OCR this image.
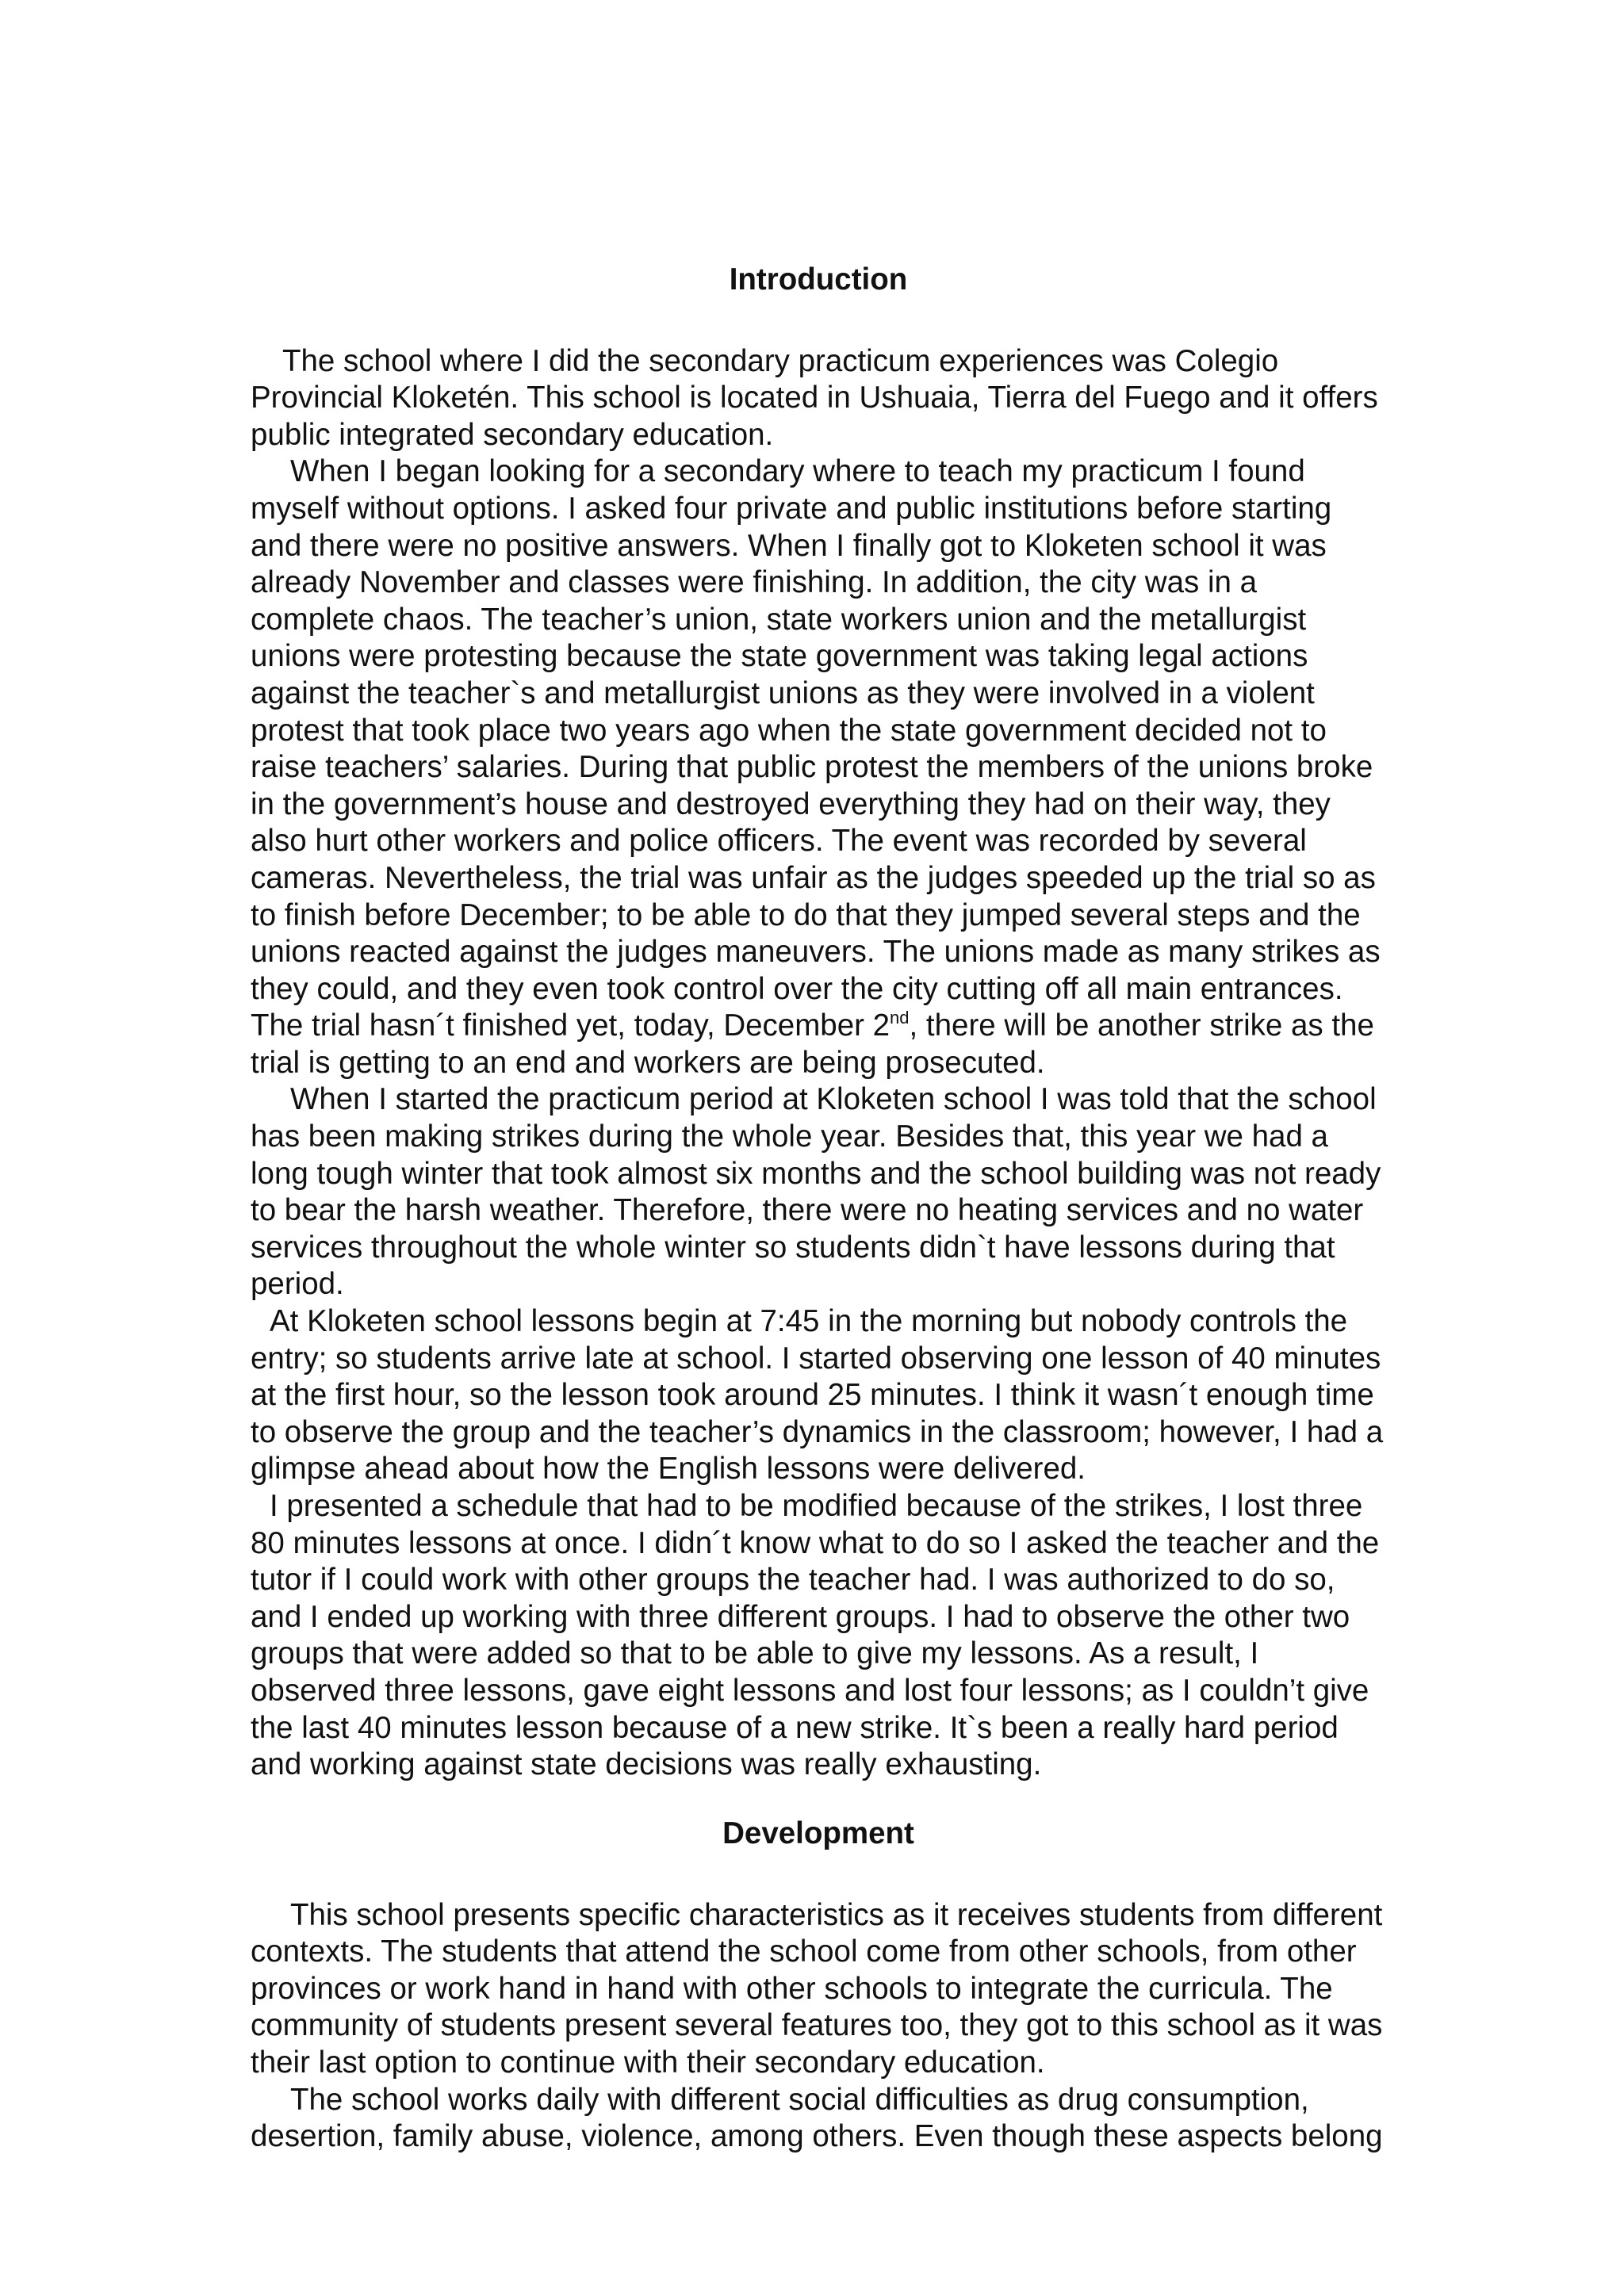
Introduction

The school where I did the secondary practicum experiences was Colegio Provincial Kloketén. This school is located in Ushuaia, Tierra del Fuego and it offers public integrated secondary education.

When I began looking for a secondary where to teach my practicum I found myself without options. I asked four private and public institutions before starting and there were no positive answers. When I finally got to Kloketen school it was already November and classes were finishing. In addition, the city was in a complete chaos. The teacher’s union, state workers union and the metallurgist unions were protesting because the state government was taking legal actions against the teacher`s and metallurgist unions as they were involved in a violent protest that took place two years ago when the state government decided not to raise teachers’ salaries. During that public protest the members of the unions broke in the government’s house and destroyed everything they had on their way, they also hurt other workers and police officers. The event was recorded by several cameras. Nevertheless, the trial was unfair as the judges speeded up the trial so as to finish before December; to be able to do that they jumped several steps and the unions reacted against the judges maneuvers. The unions made as many strikes as they could, and they even took control over the city cutting off all main entrances. The trial hasn´t finished yet, today, December 2nd, there will be another strike as the trial is getting to an end and workers are being prosecuted.

When I started the practicum period at Kloketen school I was told that the school has been making strikes during the whole year. Besides that, this year we had a long tough winter that took almost six months and the school building was not ready to bear the harsh weather. Therefore, there were no heating services and no water services throughout the whole winter so students didn`t have lessons during that period.

At Kloketen school lessons begin at 7:45 in the morning but nobody controls the entry; so students arrive late at school. I started observing one lesson of 40 minutes at the first hour, so the lesson took around 25 minutes. I think it wasn´t enough time to observe the group and the teacher’s dynamics in the classroom; however, I had a glimpse ahead about how the English lessons were delivered.

I presented a schedule that had to be modified because of the strikes, I lost three 80 minutes lessons at once. I didn´t know what to do so I asked the teacher and the tutor if I could work with other groups the teacher had. I was authorized to do so, and I ended up working with three different groups. I had to observe the other two groups that were added so that to be able to give my lessons. As a result, I observed three lessons, gave eight lessons and lost four lessons; as I couldn’t give the last 40 minutes lesson because of a new strike. It`s been a really hard period and working against state decisions was really exhausting.

Development

This school presents specific characteristics as it receives students from different contexts. The students that attend the school come from other schools, from other provinces or work hand in hand with other schools to integrate the curricula. The community of students present several features too, they got to this school as it was their last option to continue with their secondary education.

The school works daily with different social difficulties as drug consumption, desertion, family abuse, violence, among others. Even though these aspects belong
